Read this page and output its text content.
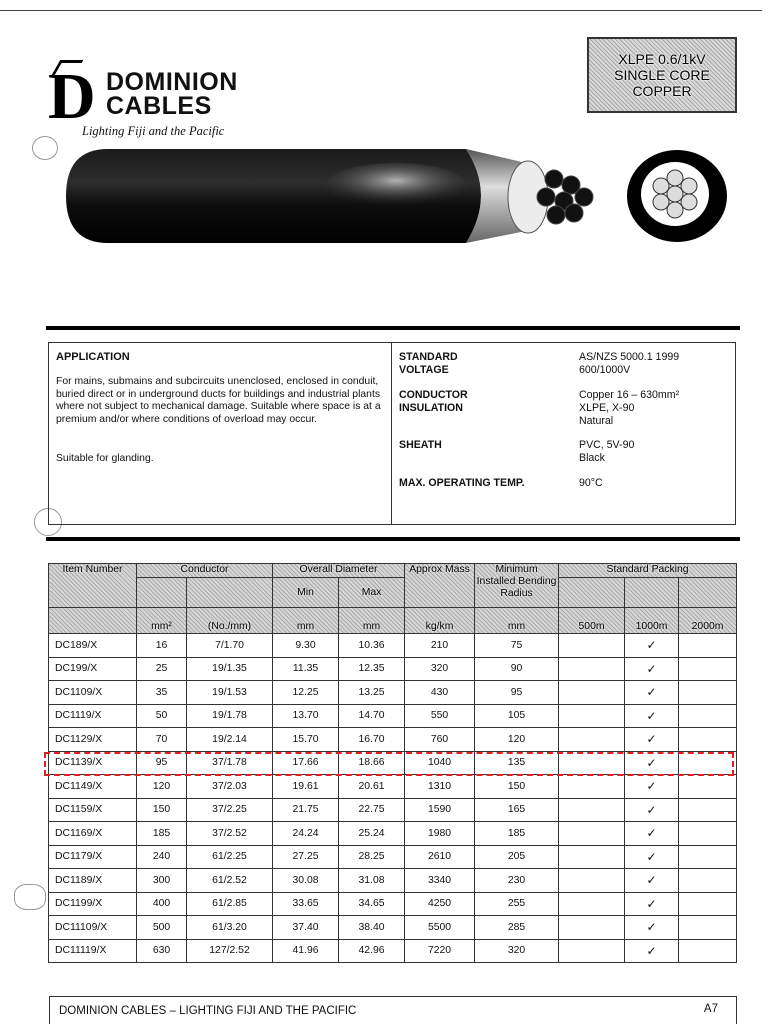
D DOMINION
CABLES
Lighting Fiji and the Pacific
XLPE 0.6/1kV
SINGLE CORE
COPPER
APPLICATION
For mains, submains and subcircuits unenclosed, enclosed in conduit, buried direct or in underground ducts for buildings and industrial plants where not subject to mechanical damage. Suitable where space is at a premium and/or where conditions of overload may occur.
Suitable for glanding.
STANDARD	AS/NZS 5000.1 1999
VOLTAGE	600/1000V
CONDUCTOR	Copper 16 – 630mm²
INSULATION	XLPE, X-90
Natural
SHEATH	PVC, 5V-90
Black
MAX. OPERATING TEMP.	90°C
Item Number	Conductor		Overall Diameter		Approx Mass	Minimum Installed Bending Radius	Standard Packing		
			Min	Max					
	mm²	(No./mm)	mm	mm	kg/km	mm	500m	1000m	2000m
DC189/X	16	7/1.70	9.30	10.36	210	75		✓	
DC199/X	25	19/1.35	11.35	12.35	320	90		✓	
DC1109/X	35	19/1.53	12.25	13.25	430	95		✓	
DC1119/X	50	19/1.78	13.70	14.70	550	105		✓	
DC1129/X	70	19/2.14	15.70	16.70	760	120		✓	
DC1139/X	95	37/1.78	17.66	18.66	1040	135		✓	
DC1149/X	120	37/2.03	19.61	20.61	1310	150		✓	
DC1159/X	150	37/2.25	21.75	22.75	1590	165		✓	
DC1169/X	185	37/2.52	24.24	25.24	1980	185		✓	
DC1179/X	240	61/2.25	27.25	28.25	2610	205		✓	
DC1189/X	300	61/2.52	30.08	31.08	3340	230		✓	
DC1199/X	400	61/2.85	33.65	34.65	4250	255		✓	
DC11109/X	500	61/3.20	37.40	38.40	5500	285		✓	
DC11119/X	630	127/2.52	41.96	42.96	7220	320		✓	
DOMINION CABLES – LIGHTING FIJI AND THE PACIFIC	A7
